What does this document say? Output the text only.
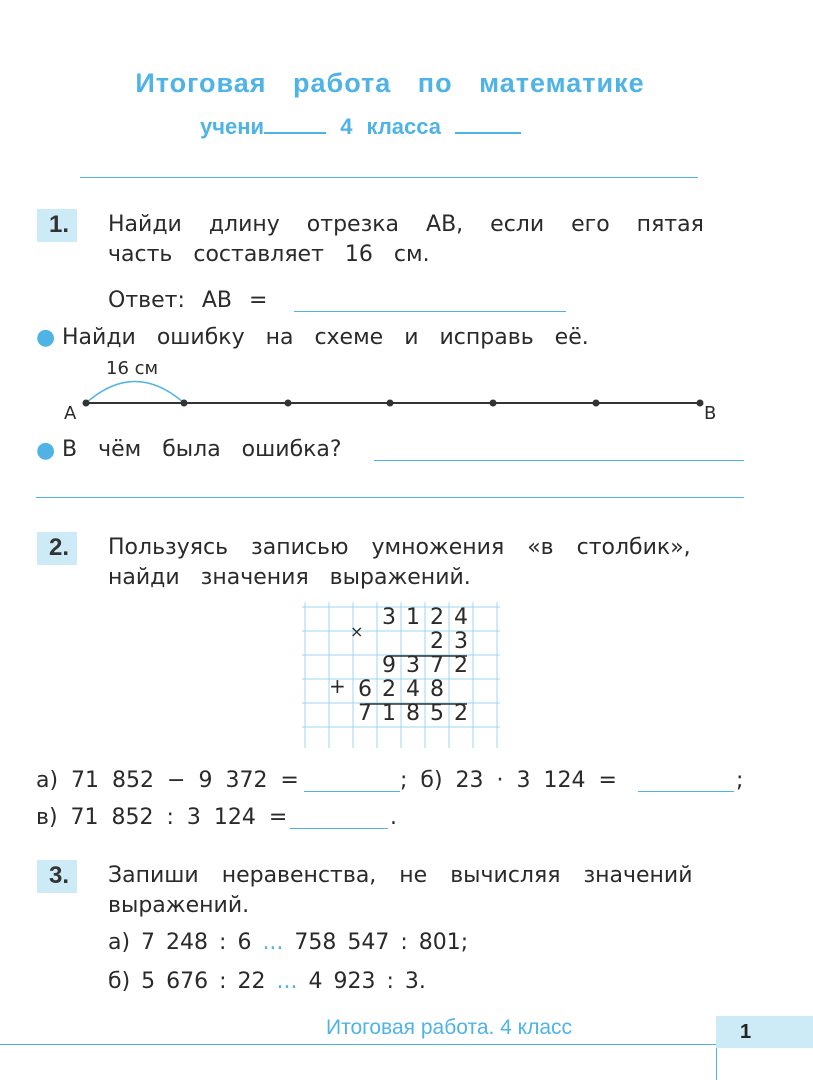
Итоговая работа по математике
учени	4 класса
1.	Найди длину отрезка АВ, если его пятая
часть составляет 16 см.
Ответ: АВ =
● Найди ошибку на схеме и исправь её.
16 см
А	В
● В чём была ошибка?
2.	Пользуясь записью умножения «в столбик»,
найди значения выражений.
3 1 2 4
2 3
9 3 7 2
6 2 4 8
7 1 8 5 2
×
+
а) 71 852 − 9 372 =	; б) 23 · 3 124 =	;
в) 71 852 : 3 124 =	.
3.	Запиши неравенства, не вычисляя значений
выражений.
а) 7 248 : 6 ... 758 547 : 801;
б) 5 676 : 22 ... 4 923 : 3.
Итоговая работа. 4 класс	1
